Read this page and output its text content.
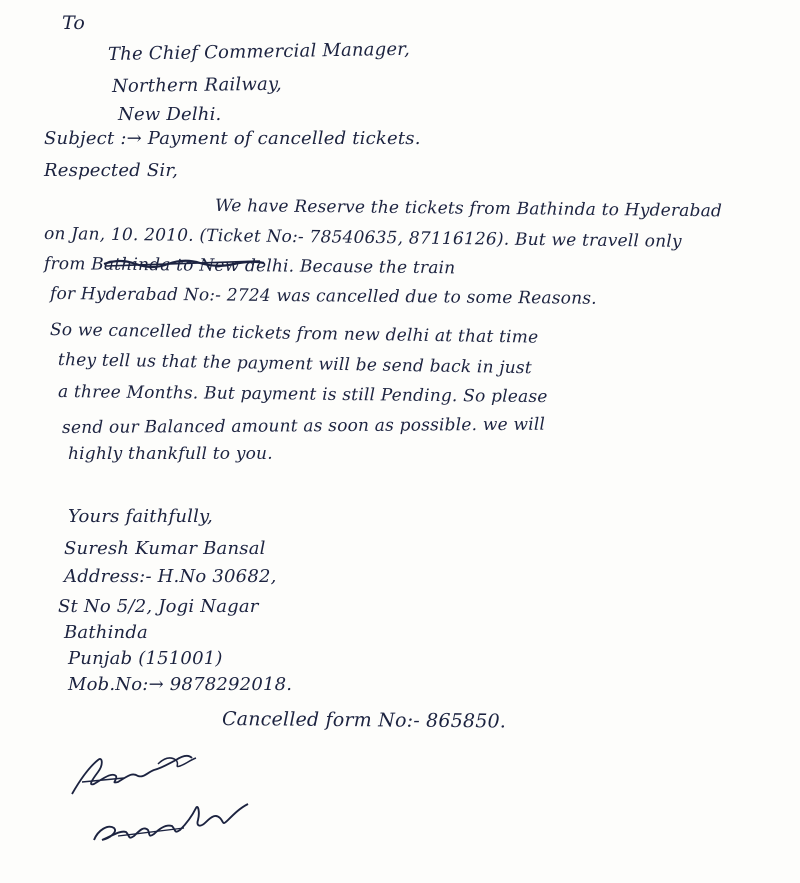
To
The Chief Commercial Manager,
Northern Railway,
New Delhi.
Subject :→ Payment of cancelled tickets.
Respected Sir,
We have Reserve the tickets from Bathinda to Hyderabad
on Jan, 10. 2010. (Ticket No:- 78540635, 87116126). But we travell only
from Bathinda to New delhi. Because the train
for Hyderabad No:- 2724 was cancelled due to some Reasons.
So we cancelled the tickets from new delhi at that time
they tell us that the payment will be send back in just
a three Months. But payment is still Pending. So please
send our Balanced amount as soon as possible. we will
highly thankfull to you.
Yours faithfully,
Suresh Kumar Bansal
Address:- H.No 30682,
St No 5/2, Jogi Nagar
Bathinda
Punjab (151001)
Mob.No:→ 9878292018.
Cancelled form No:- 865850.
